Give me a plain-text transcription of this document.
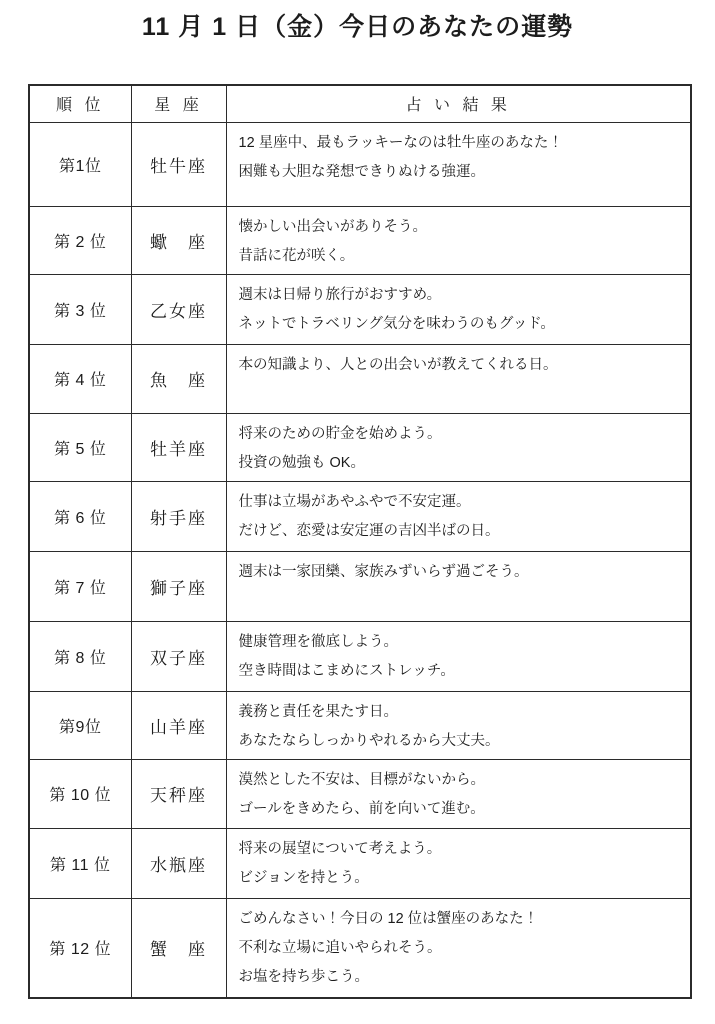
11 月 1 日（金）今日のあなたの運勢
順 位	星 座	占 い 結 果
第1位	牡牛座	12 星座中、最もラッキーなのは牡牛座のあなた！
困難も大胆な発想できりぬける強運。

第 2 位	蠍　座	懐かしい出会いがありそう。
昔話に花が咲く。

第 3 位	乙女座	週末は日帰り旅行がおすすめ。
ネットでトラベリング気分を味わうのもグッド。

第 4 位	魚　座	本の知識より、人との出会いが教えてくれる日。

第 5 位	牡羊座	将来のための貯金を始めよう。
投資の勉強も OK。

第 6 位	射手座	仕事は立場があやふやで不安定運。
だけど、恋愛は安定運の吉凶半ばの日。

第 7 位	獅子座	週末は一家団欒、家族みずいらず過ごそう。

第 8 位	双子座	健康管理を徹底しよう。
空き時間はこまめにストレッチ。

第9位	山羊座	義務と責任を果たす日。
あなたならしっかりやれるから大丈夫。

第 10 位	天秤座	漠然とした不安は、目標がないから。
ゴールをきめたら、前を向いて進む。

第 11 位	水瓶座	将来の展望について考えよう。
ビジョンを持とう。

第 12 位	蟹　座	ごめんなさい！今日の 12 位は蟹座のあなた！
不利な立場に追いやられそう。
お塩を持ち歩こう。
